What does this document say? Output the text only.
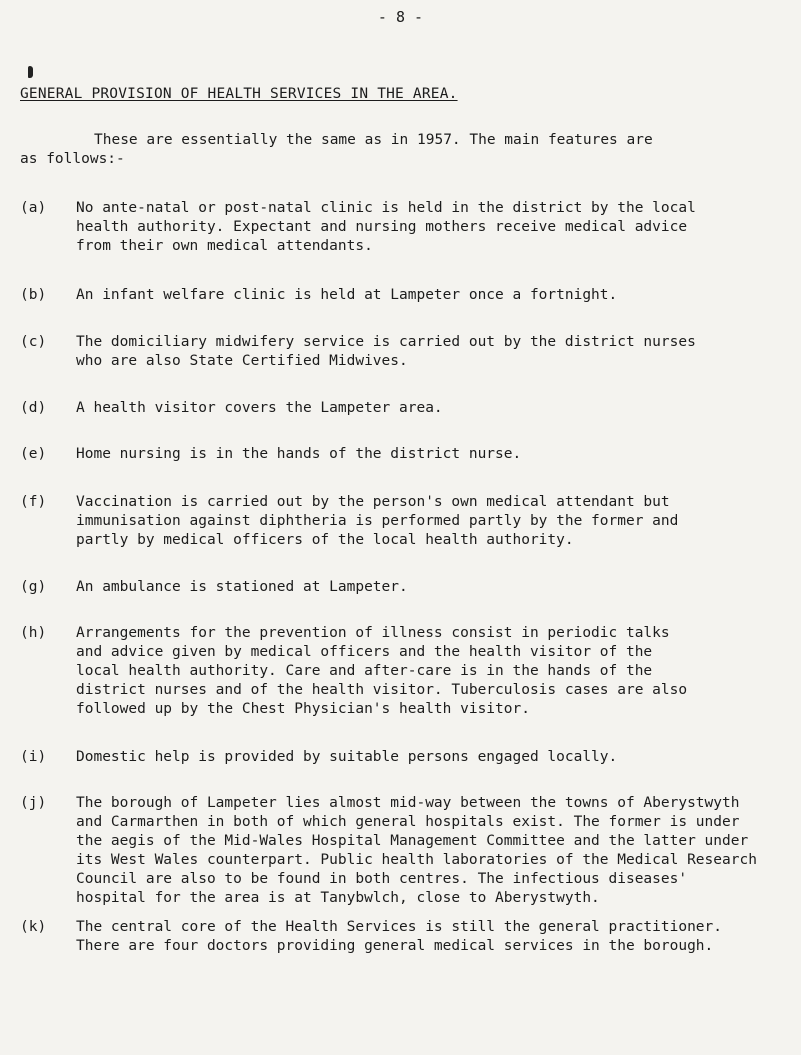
- 8 -
GENERAL PROVISION OF HEALTH SERVICES IN THE AREA.
These are essentially the same as in 1957. The main features are
as follows:-
(a) No ante-natal or post-natal clinic is held in the district by the local
health authority. Expectant and nursing mothers receive medical advice
from their own medical attendants.
(b) An infant welfare clinic is held at Lampeter once a fortnight.
(c) The domiciliary midwifery service is carried out by the district nurses
who are also State Certified Midwives.
(d) A health visitor covers the Lampeter area.
(e) Home nursing is in the hands of the district nurse.
(f) Vaccination is carried out by the person's own medical attendant but
immunisation against diphtheria is performed partly by the former and
partly by medical officers of the local health authority.
(g) An ambulance is stationed at Lampeter.
(h) Arrangements for the prevention of illness consist in periodic talks
and advice given by medical officers and the health visitor of the
local health authority. Care and after-care is in the hands of the
district nurses and of the health visitor. Tuberculosis cases are also
followed up by the Chest Physician's health visitor.
(i) Domestic help is provided by suitable persons engaged locally.
(j) The borough of Lampeter lies almost mid-way between the towns of Aberystwyth
and Carmarthen in both of which general hospitals exist. The former is under
the aegis of the Mid-Wales Hospital Management Committee and the latter under
its West Wales counterpart. Public health laboratories of the Medical Research
Council are also to be found in both centres. The infectious diseases'
hospital for the area is at Tanybwlch, close to Aberystwyth.
(k) The central core of the Health Services is still the general practitioner.
There are four doctors providing general medical services in the borough.
